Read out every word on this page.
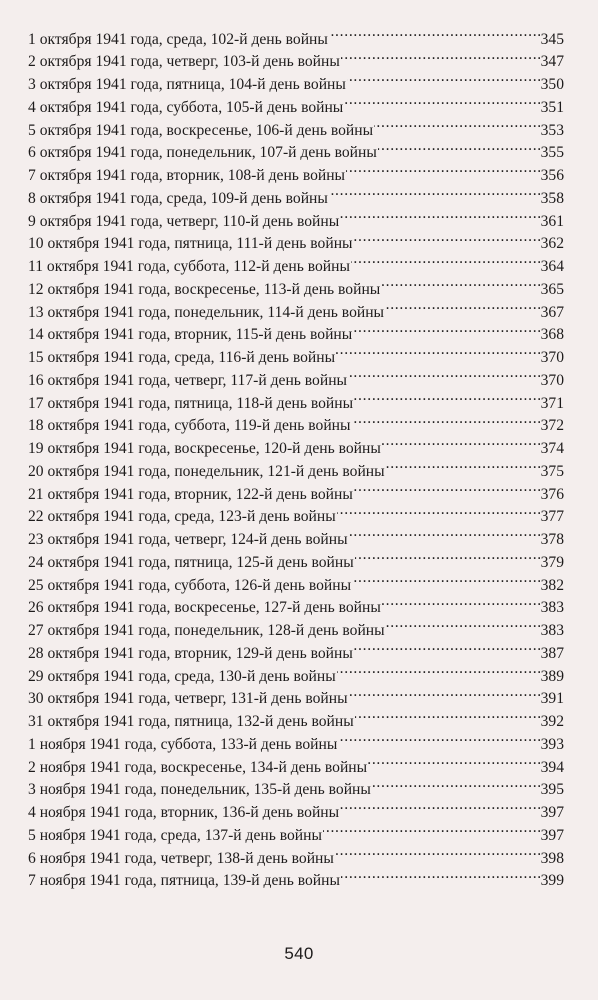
1 октября 1941 года, среда, 102-й день войны . . .	345
2 октября 1941 года, четверг, 103-й день войны . . .	347
3 октября 1941 года, пятница, 104-й день войны . . .	350
4 октября 1941 года, суббота, 105-й день войны . . .	351
5 октября 1941 года, воскресенье, 106-й день войны . . .	353
6 октября 1941 года, понедельник, 107-й день войны . . .	355
7 октября 1941 года, вторник, 108-й день войны . . .	356
8 октября 1941 года, среда, 109-й день войны . . .	358
9 октября 1941 года, четверг, 110-й день войны . . .	361
10 октября 1941 года, пятница, 111-й день войны . . .	362
11 октября 1941 года, суббота, 112-й день войны . . .	364
12 октября 1941 года, воскресенье, 113-й день войны . . .	365
13 октября 1941 года, понедельник, 114-й день войны . . .	367
14 октября 1941 года, вторник, 115-й день войны . . .	368
15 октября 1941 года, среда, 116-й день войны . . .	370
16 октября 1941 года, четверг, 117-й день войны . . .	370
17 октября 1941 года, пятница, 118-й день войны . . .	371
18 октября 1941 года, суббота, 119-й день войны . . .	372
19 октября 1941 года, воскресенье, 120-й день войны . . .	374
20 октября 1941 года, понедельник, 121-й день войны . . .	375
21 октября 1941 года, вторник, 122-й день войны . . .	376
22 октября 1941 года, среда, 123-й день войны . . .	377
23 октября 1941 года, четверг, 124-й день войны . . .	378
24 октября 1941 года, пятница, 125-й день войны . . .	379
25 октября 1941 года, суббота, 126-й день войны . . .	382
26 октября 1941 года, воскресенье, 127-й день войны . . .	383
27 октября 1941 года, понедельник, 128-й день войны . . .	383
28 октября 1941 года, вторник, 129-й день войны . . .	387
29 октября 1941 года, среда, 130-й день войны . . .	389
30 октября 1941 года, четверг, 131-й день войны . . .	391
31 октября 1941 года, пятница, 132-й день войны . . .	392
1 ноября 1941 года, суббота, 133-й день войны . . .	393
2 ноября 1941 года, воскресенье, 134-й день войны . . .	394
3 ноября 1941 года, понедельник, 135-й день войны . . .	395
4 ноября 1941 года, вторник, 136-й день войны . . .	397
5 ноября 1941 года, среда, 137-й день войны . . .	397
6 ноября 1941 года, четверг, 138-й день войны . . .	398
7 ноября 1941 года, пятница, 139-й день войны . . .	399
540
